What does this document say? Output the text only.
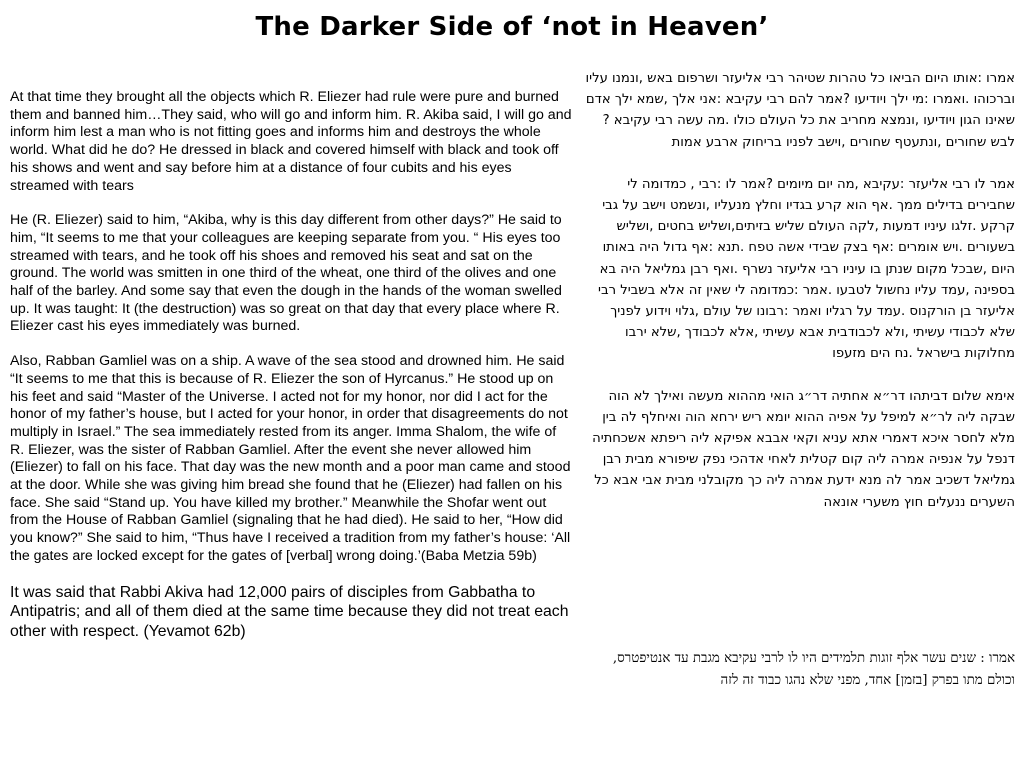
The Darker Side of ‘not in Heaven’

At that time they brought all the objects which R. Eliezer had rule were pure and burned them and banned him…They said, who will go and inform him. R. Akiba said, I will go and inform him lest a man who is not fitting goes and informs him and destroys the whole world. What did he do? He dressed in black and covered himself with black and took off his shows and went and say before him at a distance of four cubits and his eyes streamed with tears

He (R. Eliezer) said to him, “Akiba, why is this day different from other days?” He said to him, “It seems to me that your colleagues are keeping separate from you. “ His eyes too streamed with tears, and he took off his shoes and removed his seat and sat on the ground. The world was smitten in one third of the wheat, one third of the olives and one half of the barley. And some say that even the dough in the hands of the woman swelled up. It was taught: It (the destruction) was so great on that day that every place where R. Eliezer cast his eyes immediately was burned.

Also, Rabban Gamliel was on a ship. A wave of the sea stood and drowned him. He said “It seems to me that this is because of R. Eliezer the son of Hyrcanus.” He stood up on his feet and said “Master of the Universe. I acted not for my honor, nor did I act for the honor of my father’s house, but I acted for your honor, in order that disagreements do not multiply in Israel.” The sea immediately rested from its anger. Imma Shalom, the wife of R. Eliezer, was the sister of Rabban Gamliel. After the event she never allowed him (Eliezer) to fall on his face. That day was the new month and a poor man came and stood at the door. While she was giving him bread she found that he (Eliezer) had fallen on his face. She said “Stand up. You have killed my brother.” Meanwhile the Shofar went out from the House of Rabban Gamliel (signaling that he had died). He said to her, “How did you know?” She said to him, “Thus have I received a tradition from my father’s house: ‘All the gates are locked except for the gates of [verbal] wrong doing.’(Baba Metzia 59b)

It was said that Rabbi Akiva had 12,000 pairs of disciples from Gabbatha to Antipatris; and all of them died at the same time because they did not treat each other with respect. (Yevamot 62b)

אמרו :אותו היום הביאו כל טהרות שטיהר רבי אליעזר ושרפום באש ,ונמנו עליו וברכוהו .ואמרו :מי ילך ויודיעו ?אמר להם רבי עקיבא :אני אלך ,שמא ילך אדם שאינו הגון ויודיעו ,ונמצא מחריב את כל העולם כולו .מה עשה רבי עקיבא ?לבש שחורים ,ונתעטף שחורים ,וישב לפניו בריחוק ארבע אמות

אמר לו רבי אליעזר :עקיבא ,מה יום מיומים ?אמר לו :רבי , כמדומה לי שחבירים בדילים ממך .אף הוא קרע בגדיו וחלץ מנעליו ,ונשמט וישב על גבי קרקע .זלגו עיניו דמעות ,לקה העולם שליש בזיתים,ושליש בחטים ,ושליש בשעורים .ויש אומרים :אף בצק שבידי אשה טפח .תנא :אף גדול היה באותו היום ,שבכל מקום שנתן בו עיניו רבי אליעזר נשרף .ואף רבן גמליאל היה בא בספינה ,עמד עליו נחשול לטבעו .אמר :כמדומה לי שאין זה אלא בשביל רבי אליעזר בן הורקנוס .עמד על רגליו ואמר :רבונו של עולם ,גלוי וידוע לפניך שלא לכבודי עשיתי ,ולא לכבודבית אבא עשיתי ,אלא לכבודך ,שלא ירבו מחלוקות בישראל .נח הים מזעפו

אימא שלום דביתהו דר״א אחתיה דר״ג הואי מההוא מעשה ואילך לא הוה שבקה ליה לר״א למיפל על אפיה ההוא יומא ריש ירחא הוה ואיחלף לה בין מלא לחסר איכא דאמרי אתא עניא וקאי אבבא אפיקא ליה ריפתא אשכחתיה דנפל על אנפיה אמרה ליה קום קטלית לאחי אדהכי נפק שיפורא מבית רבן גמליאל דשכיב אמר לה מנא ידעת אמרה ליה כך מקובלני מבית אבי אבא כל השערים ננעלים חוץ משערי אונאה

אמרו : שנים עשר אלף זוגות תלמידים היו לו לרבי עקיבא מגבת עד אנטיפטרס, וכולם מתו בפרק [בזמן] אחד, מפני שלא נהגו כבוד זה לזה
